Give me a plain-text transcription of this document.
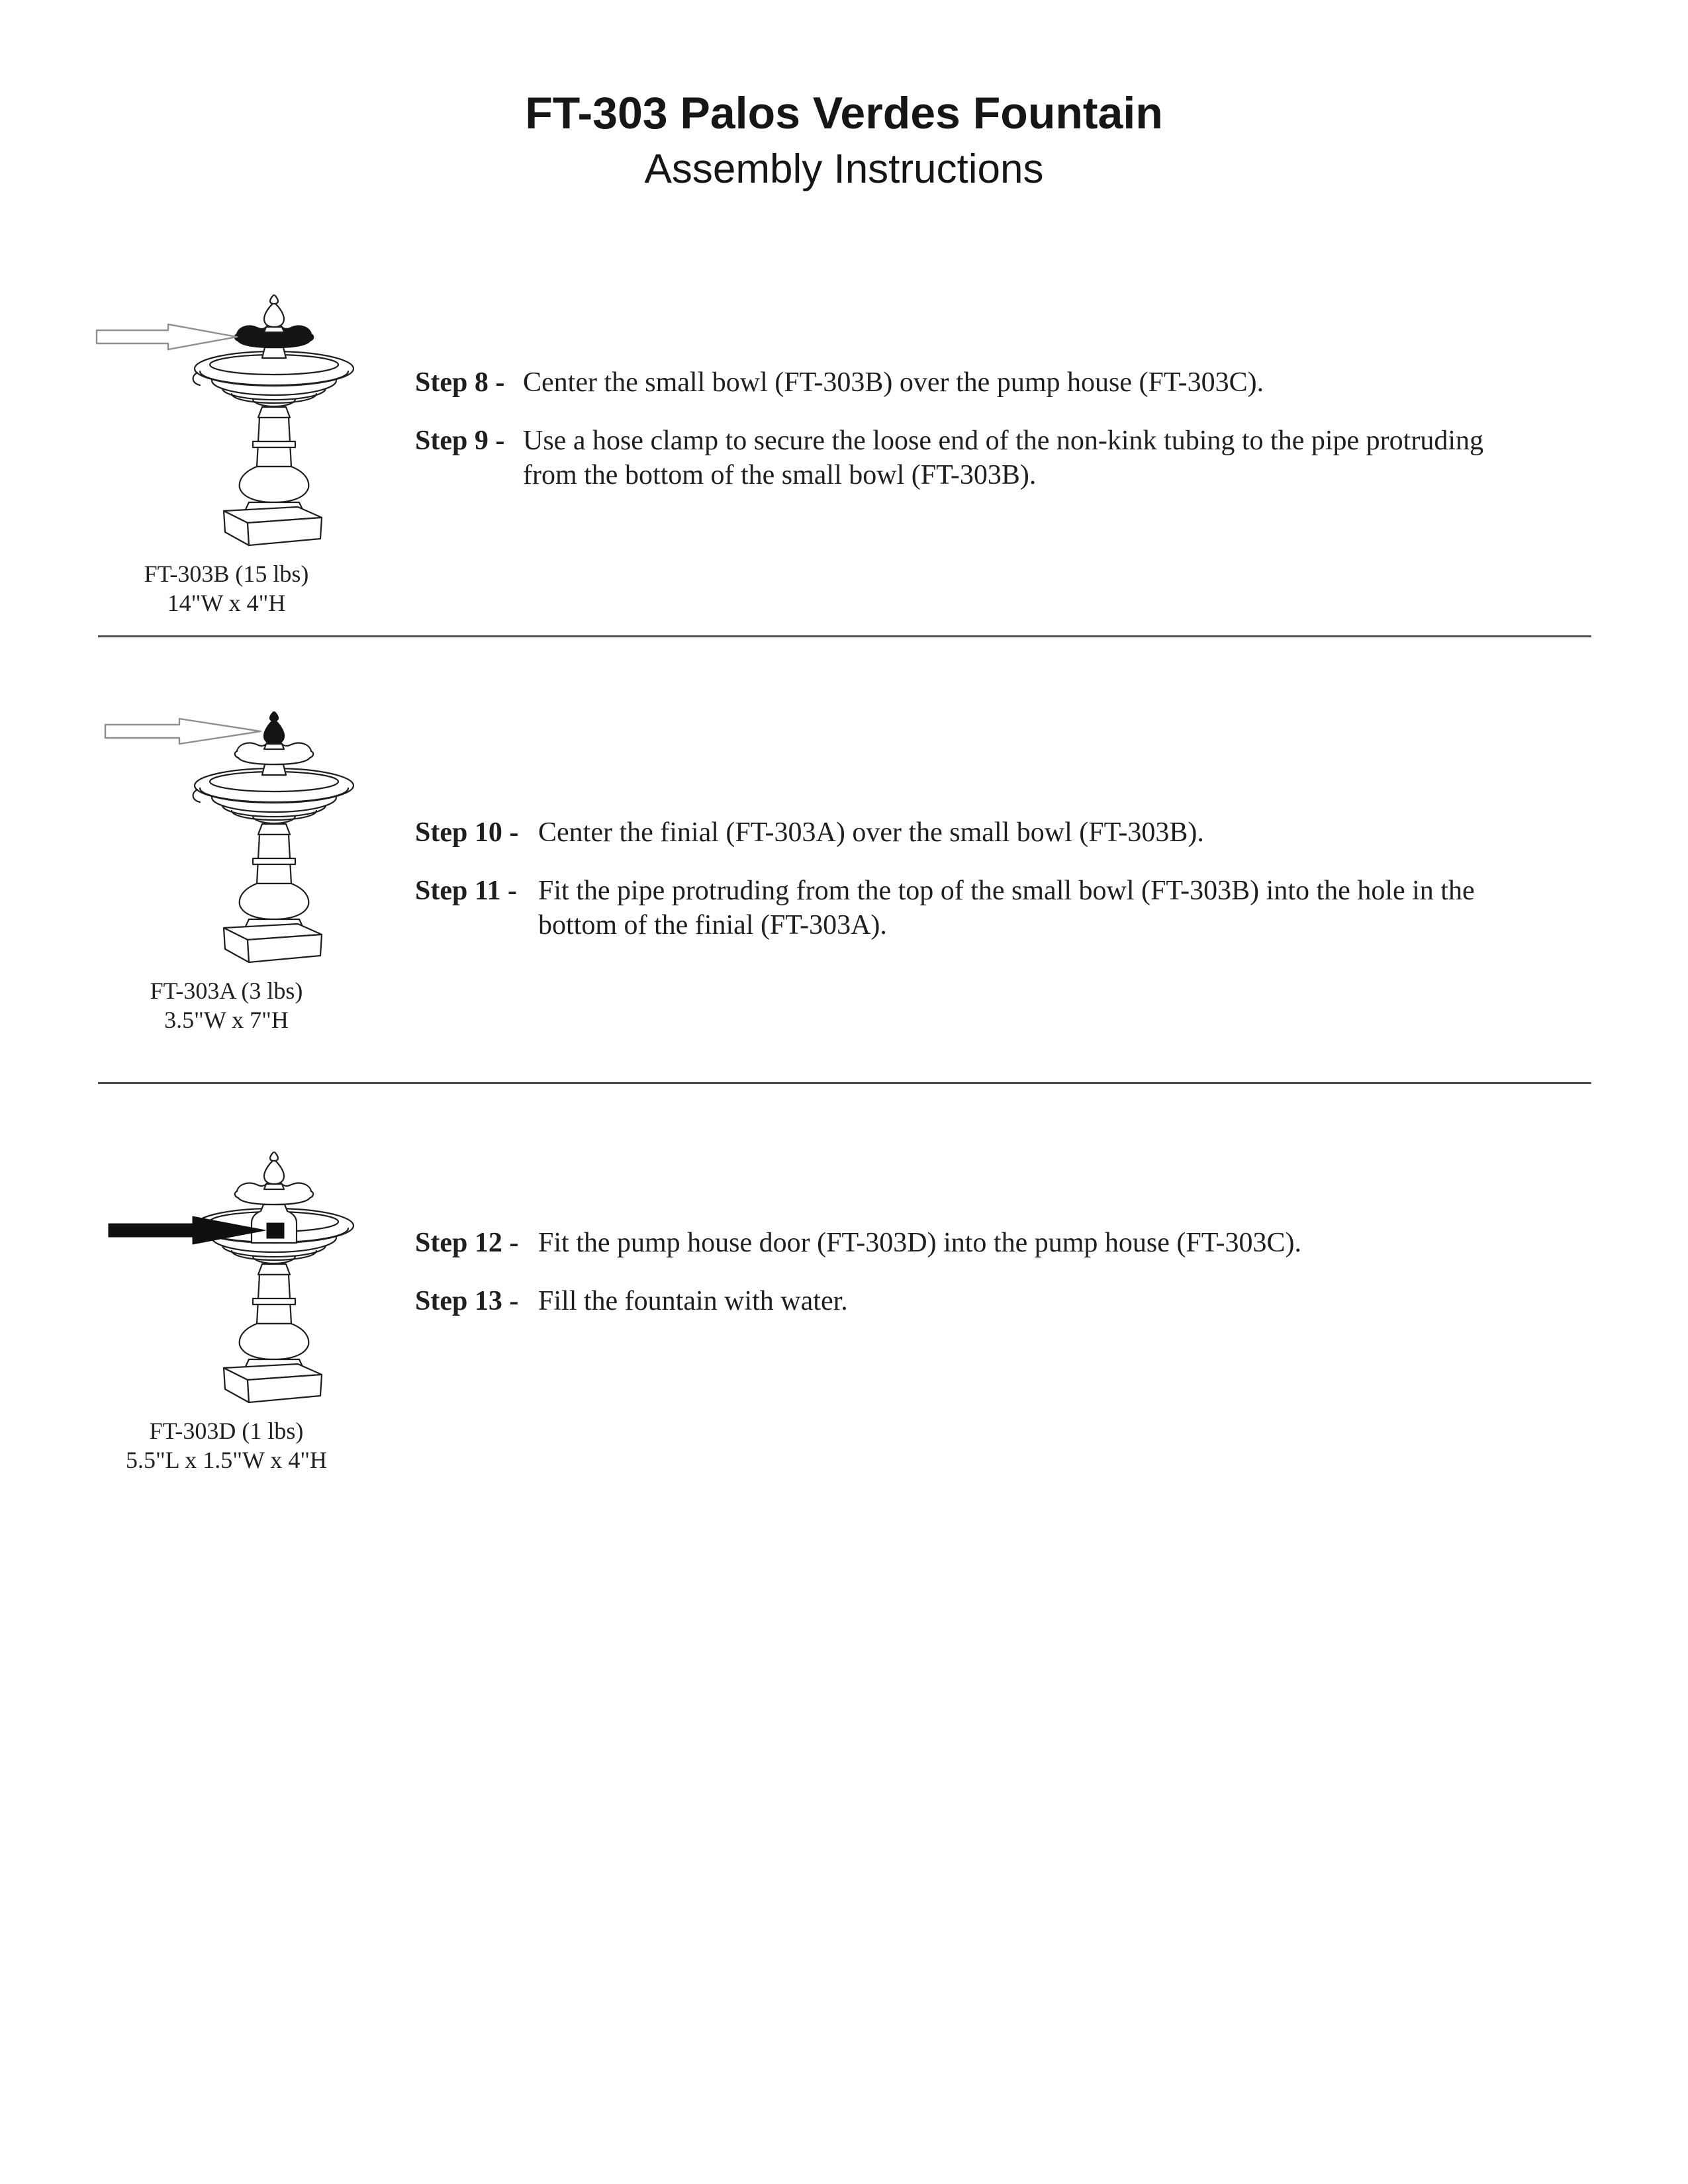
FT-303 Palos Verdes Fountain
Assembly Instructions
FT-303B (15 lbs)
14"W x 4"H
Step 8 - Center the small bowl (FT-303B) over the pump house (FT-303C).
Step 9 - Use a hose clamp to secure the loose end of the non-kink tubing to the pipe protruding
from the bottom of the small bowl (FT-303B).
FT-303A (3 lbs)
3.5"W x 7"H
Step 10 - Center the finial (FT-303A) over the small bowl (FT-303B).
Step 11 - Fit the pipe protruding from the top of the small bowl (FT-303B) into the hole in the
bottom of the finial (FT-303A).
FT-303D (1 lbs)
5.5"L x 1.5"W x 4"H
Step 12 - Fit the pump house door (FT-303D) into the pump house (FT-303C).
Step 13 - Fill the fountain with water.
